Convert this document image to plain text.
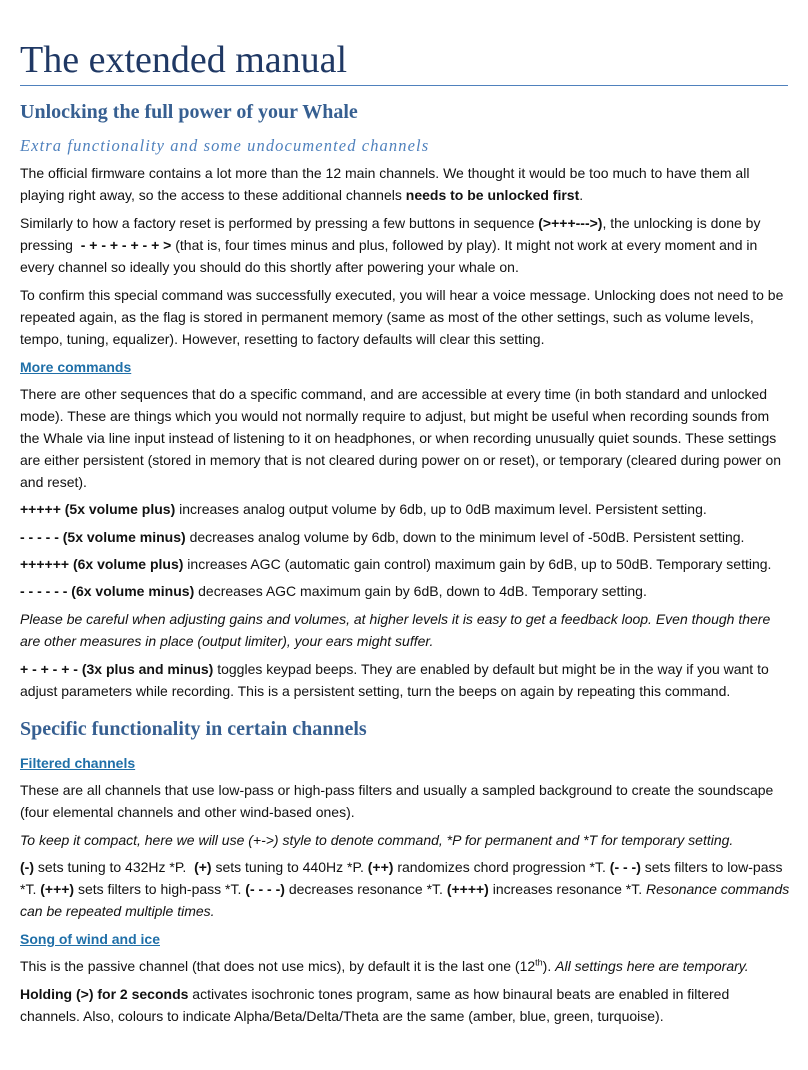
The extended manual
Unlocking the full power of your Whale
Extra functionality and some undocumented channels
The official firmware contains a lot more than the 12 main channels. We thought it would be too much to have them all playing right away, so the access to these additional channels needs to be unlocked first.
Similarly to how a factory reset is performed by pressing a few buttons in sequence (>+++--->), the unlocking is done by pressing  - + - + - + - + > (that is, four times minus and plus, followed by play). It might not work at every moment and in every channel so ideally you should do this shortly after powering your whale on.
To confirm this special command was successfully executed, you will hear a voice message. Unlocking does not need to be repeated again, as the flag is stored in permanent memory (same as most of the other settings, such as volume levels, tempo, tuning, equalizer). However, resetting to factory defaults will clear this setting.
More commands
There are other sequences that do a specific command, and are accessible at every time (in both standard and unlocked mode). These are things which you would not normally require to adjust, but might be useful when recording sounds from the Whale via line input instead of listening to it on headphones, or when recording unusually quiet sounds. These settings are either persistent (stored in memory that is not cleared during power on or reset), or temporary (cleared during power on and reset).
+++++ (5x volume plus) increases analog output volume by 6db, up to 0dB maximum level. Persistent setting.
- - - - - (5x volume minus) decreases analog volume by 6db, down to the minimum level of -50dB. Persistent setting.
++++++ (6x volume plus) increases AGC (automatic gain control) maximum gain by 6dB, up to 50dB. Temporary setting.
- - - - - - (6x volume minus) decreases AGC maximum gain by 6dB, down to 4dB. Temporary setting.
Please be careful when adjusting gains and volumes, at higher levels it is easy to get a feedback loop. Even though there are other measures in place (output limiter), your ears might suffer.
+ - + - + - (3x plus and minus) toggles keypad beeps. They are enabled by default but might be in the way if you want to adjust parameters while recording. This is a persistent setting, turn the beeps on again by repeating this command.
Specific functionality in certain channels
Filtered channels
These are all channels that use low-pass or high-pass filters and usually a sampled background to create the soundscape (four elemental channels and other wind-based ones).
To keep it compact, here we will use (+->) style to denote command, *P for permanent and *T for temporary setting.
(-) sets tuning to 432Hz *P.  (+) sets tuning to 440Hz *P. (++) randomizes chord progression *T. (- - -) sets filters to low-pass *T. (+++) sets filters to high-pass *T. (- - - -) decreases resonance *T. (++++) increases resonance *T. Resonance commands can be repeated multiple times.
Song of wind and ice
This is the passive channel (that does not use mics), by default it is the last one (12th). All settings here are temporary.
Holding (>) for 2 seconds activates isochronic tones program, same as how binaural beats are enabled in filtered channels. Also, colours to indicate Alpha/Beta/Delta/Theta are the same (amber, blue, green, turquoise).
